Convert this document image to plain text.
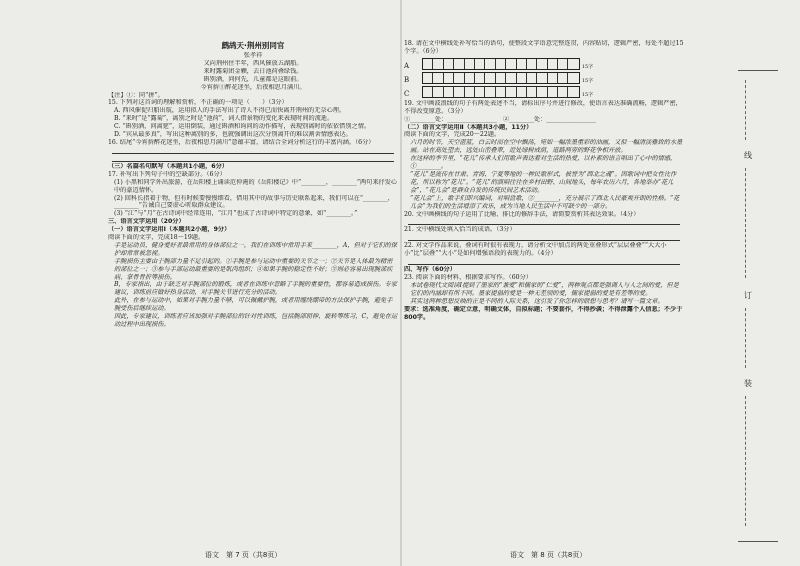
鹧鸪天·荆州别同官

张孝祥

又向荆州住半年，西风催放五湖船。

来时露菊团金颗，去日池荷叠绿钱。

斟别酒，问何先，儿童都是这眼前。

今宵拚①醉花迷坐，后夜相思月满川。

【注】①：同“拼”。

15. 下列对这首词的理解和赏析，不正确的一项是（　　）（3分）

A. 西风催促归船出航，运用拟人的手法写出了诗人不得已而快离开荆州的无奈心理。

B. “来时”是“露菊”，离别之时是“池荷”，词人借景物的变化来表现时间的流逝。

C. “斟别酒，问离筵”，运用倒装，通过斟酒和询问的动作描写，表现别离时的依依惜别之情。

D. “宾从最多真”，写出这种离别的多，也就强调出这次分别离开的难以割舍情感表达。

16. 结尾“今宵拚醉花迷坐，后夜相思月满川”意蕴丰富，请结合全词分析这行的丰富内涵。（6分）

（三）名篇名句默写（本题共1小题，6分）

17. 补写出下列句子中的空缺部分。（6分）

(1) 小黑和同学外出旅游，在岳阳楼上诵读范仲淹的《岳阳楼记》中“________，________”两句来抒发心中的豪迈情怀。

(2) 回科长指着于物，但有时候要慢慢细看，借用其中的故事与历史联系起来，我们可以在“________，________”告诫自己要虚心听取群众建议。

(3) “江”与“月”在古诗词中经常连用，“江月”也成了古诗词中特定的意象，如“________。”

三、语言文字运用（20分）

（一）语言文字运用Ⅰ（本题共2小题，9分）

阅读下面的文字，完成18～19题。

手是运动员、健身爱好者最常用的身体部位之一，我们在训练中常用手来________，A，但对于它们的保护却常常被忽视。

手腕损伤主要由于腕部力量不足引起的。①手腕是参与运动中重要的关节之一；②关节是人体最为精密的部位之一；③参与手部运动最重要的是肌肉组织；④如果手腕的稳定性不好；⑤则必容易出现腕部疾病、掌骨骨折等损伤。

B，专家指出，由于缺乏对手腕部位的锻炼，或者在训练中忽略了手腕的重要性，都容易造成损伤。专家建议，训练前应做好热身活动，对手腕关节进行充分的活动。

此外，在参与运动中，如果对手腕力量不够，可以佩戴护腕，或者用缠绕绷带的方法保护手腕，避免手腕受伤后继续运动。

因此，专家建议，训练者应该加强对手腕部位的针对性训练，包括腕部屈伸、旋转等练习，C，避免在运动过程中出现损伤。

语文　第 7 页（共8页）

18. 请在文中横线处补写恰当的语句，使整段文字语意完整连贯，内容贴切，逻辑严密，每处不超过15个字。（6分）

A	15字
B	15字
C	15字

19. 文中画波浪线的句子有两处表述不当，请标出序号并进行修改，使语言表达准确流畅，逻辑严密，不得改变原意。（3分）

①________处：________________　②________处：________________

（二）语言文字运用Ⅱ（本题共3小题，11分）

阅读下面的文字，完成20～22题。

六月的时节，天空湛蓝，白云时而在空中飘荡，宛如一幅浓墨重彩的油画，又似一幅清淡雅致的水墨画。站在高处望去，远处山峦叠翠，近处绿树成荫，道路两旁的野花争相开放。

在这样的季节里，“花儿”传承人们用歌声表达着对生活的热爱，以朴素的语言唱出了心中的情感，①________。

“花儿”是流传在甘肃、青海、宁夏等地的一种民歌形式，被誉为“西北之魂”。因歌词中把女性比作花，所以称为“花儿”。“花儿”的演唱往往在乡村田野、山间地头，每年农历六月，各地举办“花儿会”，“花儿会”是群众自发的传统民间艺术活动。

“花儿会”上，歌手们即兴编词，对唱盘歌，②________，充分展示了西北人民豪爽开朗的性格。“花儿会”为我们的生活增添了欢乐，成为当地人民生活中不可缺少的一部分。

20. 文中画横线的句子运用了比喻、排比的修辞手法，请简要赏析其表达效果。（4分）

21. 文中横线处填入恰当的成语。（3分）

22. 对文学作品来说，叠词有时很有表现力，请分析文中加点的两处重叠形式“层层叠叠”“大大小小”比“层叠”“大小”是如何增强语段的表现力的。（4分）

四、写作（60分）

23. 阅读下面的材料，根据要求写作。（60分）

本试卷现代文阅读Ⅰ提到了墨家的“兼爱”和儒家的“仁爱”，两种观点都是强调人与人之间的爱，但是它们的内涵却有所不同。墨家提倡的爱是一种无差别的爱，儒家提倡的爱是有差等的爱。

其实这两种思想反映的正是不同的人际关系，这引发了你怎样的联想与思考？请写一篇文章。

要求：选准角度，确定立意，明确文体，自拟标题；不要套作，不得抄袭；不得泄露个人信息；不少于800字。

语文　第 8 页（共8页）
线
订
装
